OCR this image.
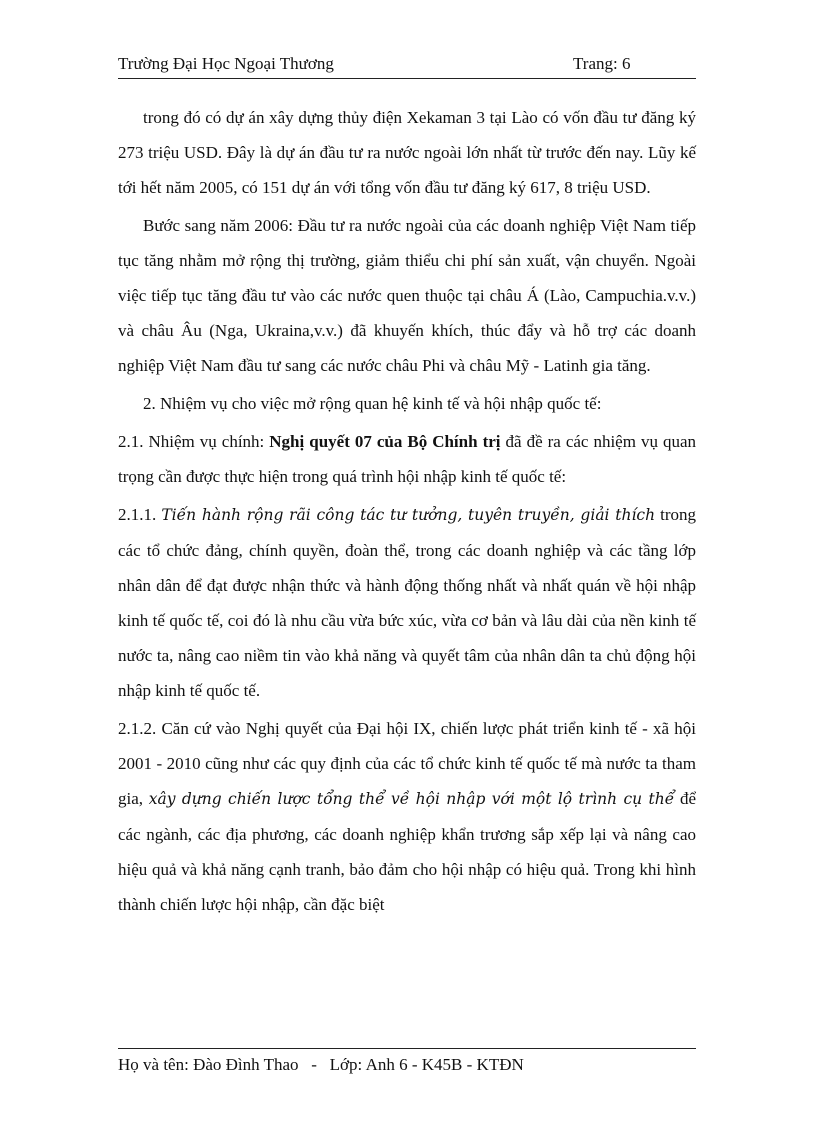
Trường Đại Học Ngoại Thương	Trang: 6

trong đó có dự án xây dựng thủy điện Xekaman 3 tại Lào có vốn đầu tư đăng ký 273 triệu USD. Đây là dự án đầu tư ra nước ngoài lớn nhất từ trước đến nay. Lũy kế tới hết năm 2005, có 151 dự án với tổng vốn đầu tư đăng ký 617, 8 triệu USD.

Bước sang năm 2006: Đầu tư ra nước ngoài của các doanh nghiệp Việt Nam tiếp tục tăng nhằm mở rộng thị trường, giảm thiểu chi phí sản xuất, vận chuyển. Ngoài việc tiếp tục tăng đầu tư vào các nước quen thuộc tại châu Á (Lào, Campuchia.v.v.) và châu Âu (Nga, Ukraina,v.v.) đã khuyến khích, thúc đẩy và hỗ trợ các doanh nghiệp Việt Nam đầu tư sang các nước châu Phi và châu Mỹ - Latinh gia tăng.

2. Nhiệm vụ cho việc mở rộng quan hệ kinh tế và hội nhập quốc tế:

2.1. Nhiệm vụ chính: Nghị quyết 07 của Bộ Chính trị đã đề ra các nhiệm vụ quan trọng cần được thực hiện trong quá trình hội nhập kinh tế quốc tế:

2.1.1. Tiến hành rộng rãi công tác tư tưởng, tuyên truyền, giải thích trong các tổ chức đảng, chính quyền, đoàn thể, trong các doanh nghiệp và các tầng lớp nhân dân để đạt được nhận thức và hành động thống nhất và nhất quán về hội nhập kinh tế quốc tế, coi đó là nhu cầu vừa bức xúc, vừa cơ bản và lâu dài của nền kinh tế nước ta, nâng cao niềm tin vào khả năng và quyết tâm của nhân dân ta chủ động hội nhập kinh tế quốc tế.

2.1.2. Căn cứ vào Nghị quyết của Đại hội IX, chiến lược phát triển kinh tế - xã hội 2001 - 2010 cũng như các quy định của các tổ chức kinh tế quốc tế mà nước ta tham gia, xây dựng chiến lược tổng thể về hội nhập với một lộ trình cụ thể để các ngành, các địa phương, các doanh nghiệp khẩn trương sắp xếp lại và nâng cao hiệu quả và khả năng cạnh tranh, bảo đảm cho hội nhập có hiệu quả. Trong khi hình thành chiến lược hội nhập, cần đặc biệt

Họ và tên: Đào Đình Thao   -   Lớp: Anh 6 - K45B - KTĐN
